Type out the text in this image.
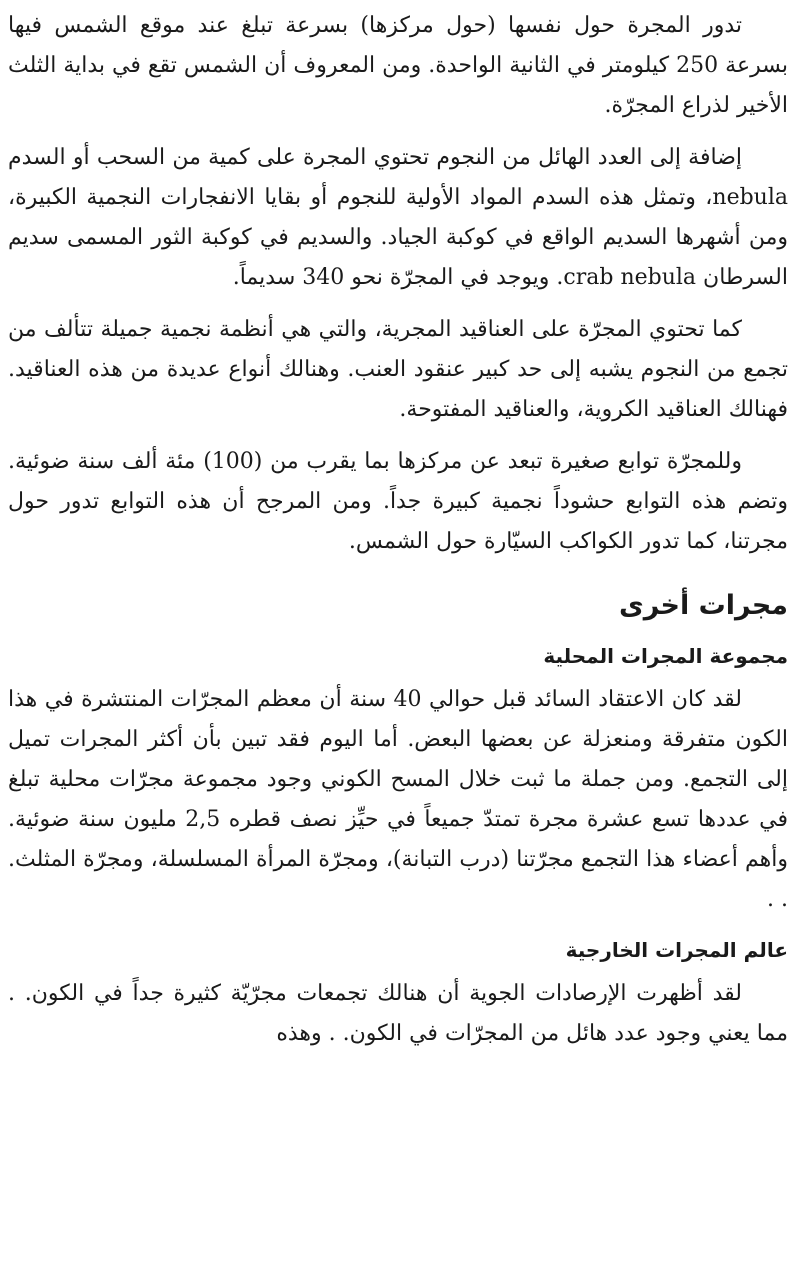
تدور المجرة حول نفسها (حول مركزها) بسرعة تبلغ عند موقع الشمس فيها بسرعة 250 كيلومتر في الثانية الواحدة. ومن المعروف أن الشمس تقع في بداية الثلث الأخير لذراع المجرّة.

إضافة إلى العدد الهائل من النجوم تحتوي المجرة على كمية من السحب أو السدم nebula، وتمثل هذه السدم المواد الأولية للنجوم أو بقايا الانفجارات النجمية الكبيرة، ومن أشهرها السديم الواقع في كوكبة الجياد. والسديم في كوكبة الثور المسمى سديم السرطان crab nebula. ويوجد في المجرّة نحو 340 سديماً.

كما تحتوي المجرّة على العناقيد المجرية، والتي هي أنظمة نجمية جميلة تتألف من تجمع من النجوم يشبه إلى حد كبير عنقود العنب. وهنالك أنواع عديدة من هذه العناقيد. فهنالك العناقيد الكروية، والعناقيد المفتوحة.

وللمجرّة توابع صغيرة تبعد عن مركزها بما يقرب من (100) مئة ألف سنة ضوئية. وتضم هذه التوابع حشوداً نجمية كبيرة جداً. ومن المرجح أن هذه التوابع تدور حول مجرتنا، كما تدور الكواكب السيّارة حول الشمس.

مجرات أخرى
مجموعة المجرات المحلية

لقد كان الاعتقاد السائد قبل حوالي 40 سنة أن معظم المجرّات المنتشرة في هذا الكون متفرقة ومنعزلة عن بعضها البعض. أما اليوم فقد تبين بأن أكثر المجرات تميل إلى التجمع. ومن جملة ما ثبت خلال المسح الكوني وجود مجموعة مجرّات محلية تبلغ في عددها تسع عشرة مجرة تمتدّ جميعاً في حيِّز نصف قطره 2,5 مليون سنة ضوئية. وأهم أعضاء هذا التجمع مجرّتنا (درب التبانة)، ومجرّة المرأة المسلسلة، ومجرّة المثلث. . .

عالم المجرات الخارجية

لقد أظهرت الإرصادات الجوية أن هنالك تجمعات مجرّيّة كثيرة جداً في الكون. . مما يعني وجود عدد هائل من المجرّات في الكون. . وهذه
